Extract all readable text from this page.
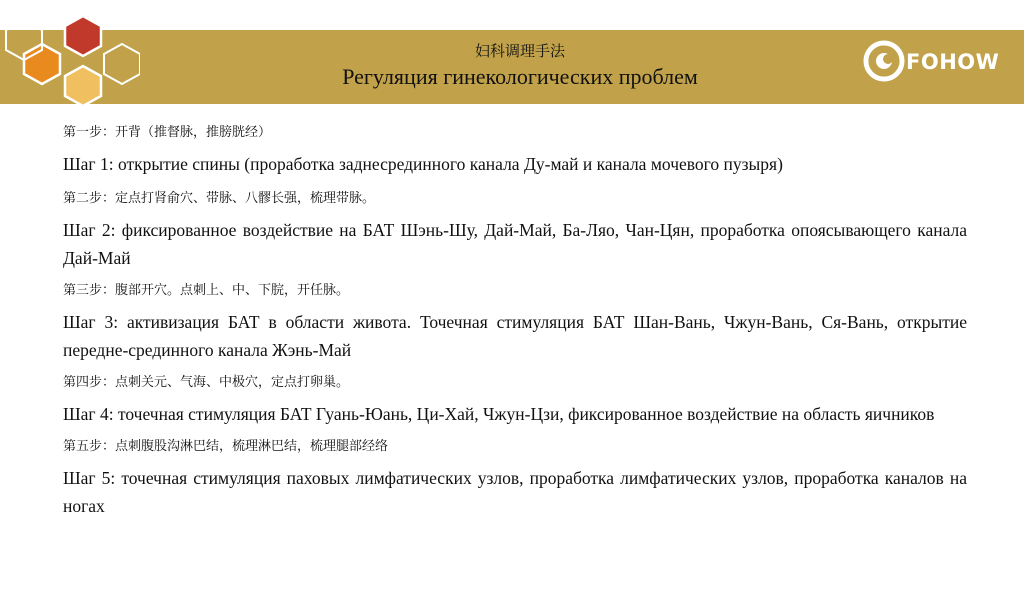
妇科调理手法
Регуляция гинекологических проблем
FOHOW

第一步：开背（推督脉，推膀胱经）

Шаг 1: открытие спины (проработка заднесрединного канала Ду-май и канала мочевого пузыря)

第二步：定点打肾俞穴、带脉、八髎长强，梳理带脉。

Шаг 2: фиксированное воздействие на БАТ Шэнь-Шу, Дай-Май, Ба-Ляо, Чан-Цян, проработка опоясывающего канала Дай-Май

第三步：腹部开穴。点刺上、中、下脘，开任脉。

Шаг 3: активизация БАТ в области живота. Точечная стимуляция БАТ Шан-Вань, Чжун-Вань, Ся-Вань, открытие передне-срединного канала Жэнь-Май

第四步：点刺关元、气海、中极穴，定点打卵巢。

Шаг 4: точечная стимуляция БАТ Гуань-Юань, Ци-Хай, Чжун-Цзи, фиксированное воздействие на область яичников

第五步：点刺腹股沟淋巴结，梳理淋巴结，梳理腿部经络

Шаг 5: точечная стимуляция паховых лимфатических узлов, проработка лимфатических узлов, проработка каналов на ногах
